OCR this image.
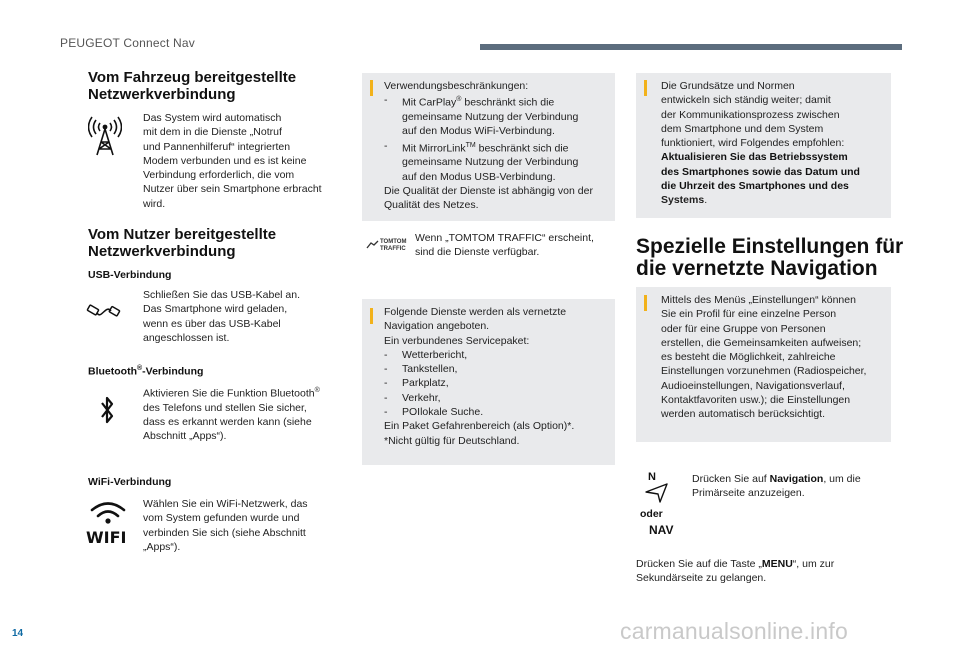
PEUGEOT Connect Nav
Vom Fahrzeug bereitgestellte
Netzwerkverbindung
Das System wird automatisch
mit dem in die Dienste „Notruf
und Pannenhilferuf“ integrierten
Modem verbunden und es ist keine
Verbindung erforderlich, die vom
Nutzer über sein Smartphone erbracht
wird.
Vom Nutzer bereitgestellte
Netzwerkverbindung
USB-Verbindung
Schließen Sie das USB-Kabel an.
Das Smartphone wird geladen,
wenn es über das USB-Kabel
angeschlossen ist.
Bluetooth®-Verbindung
Aktivieren Sie die Funktion Bluetooth®
des Telefons und stellen Sie sicher,
dass es erkannt werden kann (siehe
Abschnitt „Apps“).
WiFi-Verbindung
WIFI
Wählen Sie ein WiFi-Netzwerk, das
vom System gefunden wurde und
verbinden Sie sich (siehe Abschnitt
„Apps“).
Verwendungsbeschränkungen:
- Mit CarPlay® beschränkt sich die
gemeinsame Nutzung der Verbindung
auf den Modus WiFi-Verbindung.
- Mit MirrorLink™ beschränkt sich die
gemeinsame Nutzung der Verbindung
auf den Modus USB-Verbindung.
Die Qualität der Dienste ist abhängig von der
Qualität des Netzes.
TOMTOM
TRAFFIC
Wenn „TOMTOM TRAFFIC“ erscheint,
sind die Dienste verfügbar.
Folgende Dienste werden als vernetzte
Navigation angeboten.
Ein verbundenes Servicepaket:
- Wetterbericht,
- Tankstellen,
- Parkplatz,
- Verkehr,
- POIlokale Suche.
Ein Paket Gefahrenbereich (als Option)*.
*Nicht gültig für Deutschland.
Die Grundsätze und Normen
entwickeln sich ständig weiter; damit
der Kommunikationsprozess zwischen
dem Smartphone und dem System
funktioniert, wird Folgendes empfohlen:
Aktualisieren Sie das Betriebssystem
des Smartphones sowie das Datum und
die Uhrzeit des Smartphones und des
Systems.
Spezielle Einstellungen für
die vernetzte Navigation
Mittels des Menüs „Einstellungen“ können
Sie ein Profil für eine einzelne Person
oder für eine Gruppe von Personen
erstellen, die Gemeinsamkeiten aufweisen;
es besteht die Möglichkeit, zahlreiche
Einstellungen vorzunehmen (Radiospeicher,
Audioeinstellungen, Navigationsverlauf,
Kontaktfavoriten usw.); die Einstellungen
werden automatisch berücksichtigt.
N	Drücken Sie auf Navigation, um die
Primärseite anzuzeigen.
oder
NAV
Drücken Sie auf die Taste „MENU“, um zur
Sekundärseite zu gelangen.
14	carmanualsonline.info
